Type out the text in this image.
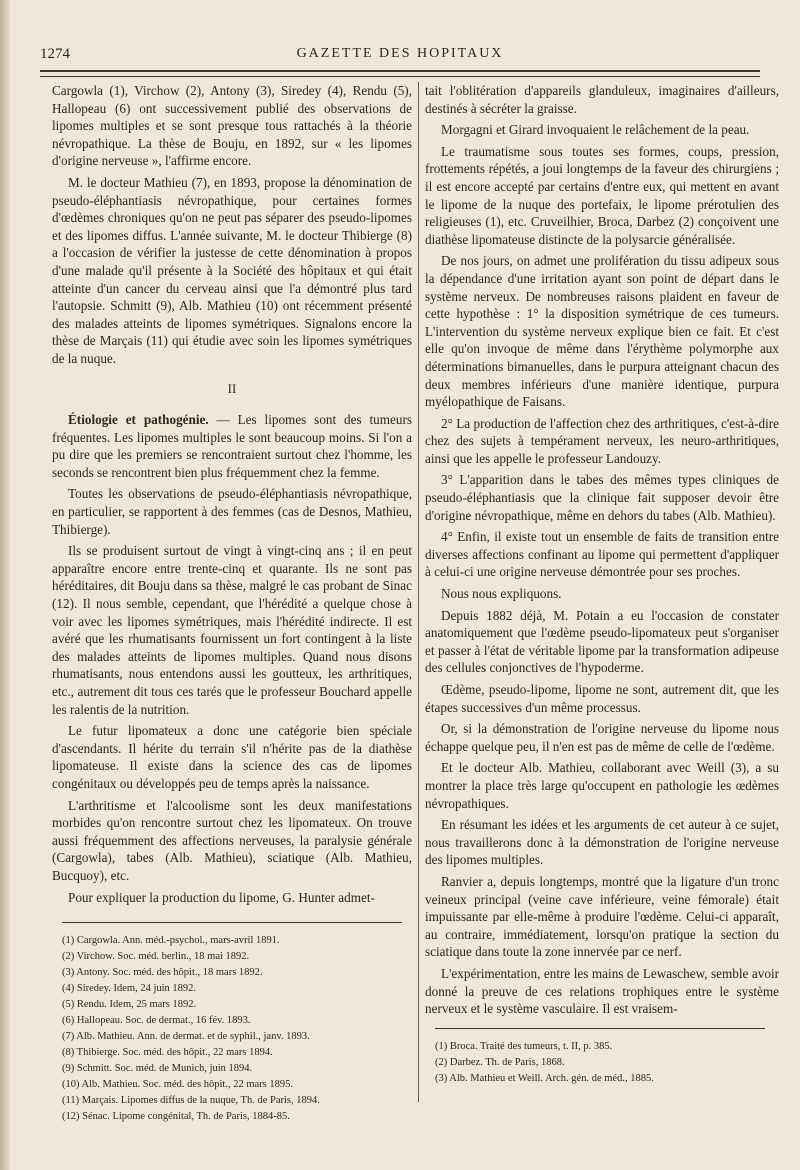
1274	GAZETTE DES HOPITAUX

Cargowla (1), Virchow (2), Antony (3), Siredey (4), Rendu (5), Hallopeau (6) ont successivement publié des observations de lipomes multiples et se sont presque tous rattachés à la théorie névropathique. La thèse de Bouju, en 1892, sur « les lipomes d'origine nerveuse », l'affirme encore.

M. le docteur Mathieu (7), en 1893, propose la dénomination de pseudo-éléphantiasis névropathique, pour certaines formes d'œdèmes chroniques qu'on ne peut pas séparer des pseudo-lipomes et des lipomes diffus. L'année suivante, M. le docteur Thibierge (8) a l'occasion de vérifier la justesse de cette dénomination à propos d'une malade qu'il présente à la Société des hôpitaux et qui était atteinte d'un cancer du cerveau ainsi que l'a démontré plus tard l'autopsie. Schmitt (9), Alb. Mathieu (10) ont récemment présenté des malades atteints de lipomes symétriques. Signalons encore la thèse de Marçais (11) qui étudie avec soin les lipomes symétriques de la nuque.

II

Étiologie et pathogénie. — Les lipomes sont des tumeurs fréquentes. Les lipomes multiples le sont beaucoup moins. Si l'on a pu dire que les premiers se rencontraient surtout chez l'homme, les seconds se rencontrent bien plus fréquemment chez la femme.

Toutes les observations de pseudo-éléphantiasis névropathique, en particulier, se rapportent à des femmes (cas de Desnos, Mathieu, Thibierge).

Ils se produisent surtout de vingt à vingt-cinq ans ; il en peut apparaître encore entre trente-cinq et quarante. Ils ne sont pas héréditaires, dit Bouju dans sa thèse, malgré le cas probant de Sinac (12). Il nous semble, cependant, que l'hérédité a quelque chose à voir avec les lipomes symétriques, mais l'hérédité indirecte. Il est avéré que les rhumatisants fournissent un fort contingent à la liste des malades atteints de lipomes multiples. Quand nous disons rhumatisants, nous entendons aussi les goutteux, les arthritiques, etc., autrement dit tous ces tarés que le professeur Bouchard appelle les ralentis de la nutrition.

Le futur lipomateux a donc une catégorie bien spéciale d'ascendants. Il hérite du terrain s'il n'hérite pas de la diathèse lipomateuse. Il existe dans la science des cas de lipomes congénitaux ou développés peu de temps après la naissance.

L'arthritisme et l'alcoolisme sont les deux manifestations morbides qu'on rencontre surtout chez les lipomateux. On trouve aussi fréquemment des affections nerveuses, la paralysie générale (Cargowla), tabes (Alb. Mathieu), sciatique (Alb. Mathieu, Bucquoy), etc.

Pour expliquer la production du lipome, G. Hunter admet-

(1) Cargowla. Ann. méd.-psychol., mars-avril 1891.
(2) Virchow. Soc. méd. berlin., 18 mai 1892.
(3) Antony. Soc. méd. des hôpit., 18 mars 1892.
(4) Siredey. Idem, 24 juin 1892.
(5) Rendu. Idem, 25 mars 1892.
(6) Hallopeau. Soc. de dermat., 16 fév. 1893.
(7) Alb. Mathieu. Ann. de dermat. et de syphil., janv. 1893.
(8) Thibierge. Soc. méd. des hôpit., 22 mars 1894.
(9) Schmitt. Soc. méd. de Munich, juin 1894.
(10) Alb. Mathieu. Soc. méd. des hôpit., 22 mars 1895.
(11) Marçais. Lipomes diffus de la nuque, Th. de Paris, 1894.
(12) Sénac. Lipome congénital, Th. de Paris, 1884-85.

tait l'oblitération d'appareils glanduleux, imaginaires d'ailleurs, destinés à sécréter la graisse.

Morgagni et Girard invoquaient le relâchement de la peau.

Le traumatisme sous toutes ses formes, coups, pression, frottements répétés, a joui longtemps de la faveur des chirurgiens ; il est encore accepté par certains d'entre eux, qui mettent en avant le lipome de la nuque des portefaix, le lipome prérotulien des religieuses (1), etc. Cruveilhier, Broca, Darbez (2) conçoivent une diathèse lipomateuse distincte de la polysarcie généralisée.

De nos jours, on admet une prolifération du tissu adipeux sous la dépendance d'une irritation ayant son point de départ dans le système nerveux. De nombreuses raisons plaident en faveur de cette hypothèse : 1° la disposition symétrique de ces tumeurs. L'intervention du système nerveux explique bien ce fait. Et c'est elle qu'on invoque de même dans l'érythème polymorphe aux déterminations bimanuelles, dans le purpura atteignant chacun des deux membres inférieurs d'une manière identique, purpura myélopathique de Faisans.

2° La production de l'affection chez des arthritiques, c'est-à-dire chez des sujets à tempérament nerveux, les neuro-arthritiques, ainsi que les appelle le professeur Landouzy.

3° L'apparition dans le tabes des mêmes types cliniques de pseudo-éléphantiasis que la clinique fait supposer devoir être d'origine névropathique, même en dehors du tabes (Alb. Mathieu).

4° Enfin, il existe tout un ensemble de faits de transition entre diverses affections confinant au lipome qui permettent d'appliquer à celui-ci une origine nerveuse démontrée pour ses proches.

Nous nous expliquons.

Depuis 1882 déjà, M. Potain a eu l'occasion de constater anatomiquement que l'œdème pseudo-lipomateux peut s'organiser et passer à l'état de véritable lipome par la transformation adipeuse des cellules conjonctives de l'hypoderme.

Œdème, pseudo-lipome, lipome ne sont, autrement dit, que les étapes successives d'un même processus.

Or, si la démonstration de l'origine nerveuse du lipome nous échappe quelque peu, il n'en est pas de même de celle de l'œdème.

Et le docteur Alb. Mathieu, collaborant avec Weill (3), a su montrer la place très large qu'occupent en pathologie les œdèmes névropathiques.

En résumant les idées et les arguments de cet auteur à ce sujet, nous travaillerons donc à la démonstration de l'origine nerveuse des lipomes multiples.

Ranvier a, depuis longtemps, montré que la ligature d'un tronc veineux principal (veine cave inférieure, veine fémorale) était impuissante par elle-même à produire l'œdème. Celui-ci apparaît, au contraire, immédiatement, lorsqu'on pratique la section du sciatique dans toute la zone innervée par ce nerf.

L'expérimentation, entre les mains de Lewaschew, semble avoir donné la preuve de ces relations trophiques entre le système nerveux et le système vasculaire. Il est vraisem-

(1) Broca. Traité des tumeurs, t. II, p. 385.
(2) Darbez. Th. de Paris, 1868.
(3) Alb. Mathieu et Weill. Arch. gén. de méd., 1885.
